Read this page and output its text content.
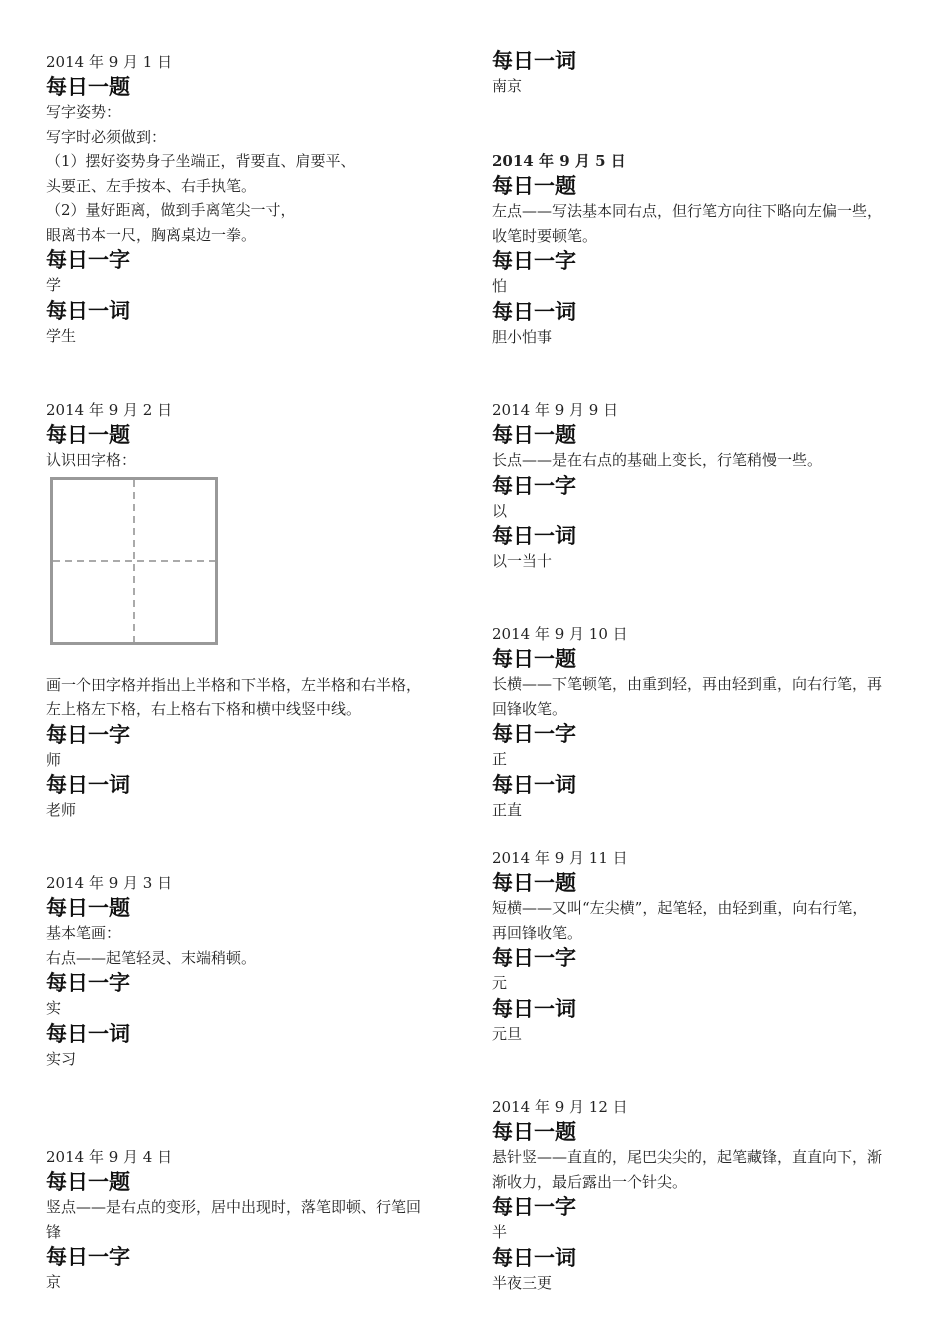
2014 年 9 月 1 日
每日一题
写字姿势：
写字时必须做到：
（1）摆好姿势身子坐端正，背要直、肩要平、
头要正、左手按本、右手执笔。
（2）量好距离，做到手离笔尖一寸，
眼离书本一尺，胸离桌边一拳。
每日一字
学
每日一词
学生
2014 年 9 月 2 日
每日一题
认识田字格：
画一个田字格并指出上半格和下半格，左半格和右半格，
左上格左下格，右上格右下格和横中线竖中线。
每日一字
师
每日一词
老师
2014 年 9 月 3 日
每日一题
基本笔画：
右点——起笔轻灵、末端稍顿。
每日一字
实
每日一词
实习
2014 年 9 月 4 日
每日一题
竖点——是右点的变形，居中出现时，落笔即顿、行笔回
锋
每日一字
京
每日一词
南京
2014 年 9 月 5 日
每日一题
左点——写法基本同右点，但行笔方向往下略向左偏一些，
收笔时要顿笔。
每日一字
怕
每日一词
胆小怕事
2014 年 9 月 9 日
每日一题
长点——是在右点的基础上变长，行笔稍慢一些。
每日一字
以
每日一词
以一当十
2014 年 9 月 10 日
每日一题
长横——下笔顿笔，由重到轻，再由轻到重，向右行笔，再
回锋收笔。
每日一字
正
每日一词
正直
2014 年 9 月 11 日
每日一题
短横——又叫“左尖横”，起笔轻，由轻到重，向右行笔，
再回锋收笔。
每日一字
元
每日一词
元旦
2014 年 9 月 12 日
每日一题
悬针竖——直直的，尾巴尖尖的，起笔藏锋，直直向下，渐
渐收力，最后露出一个针尖。
每日一字
半
每日一词
半夜三更
